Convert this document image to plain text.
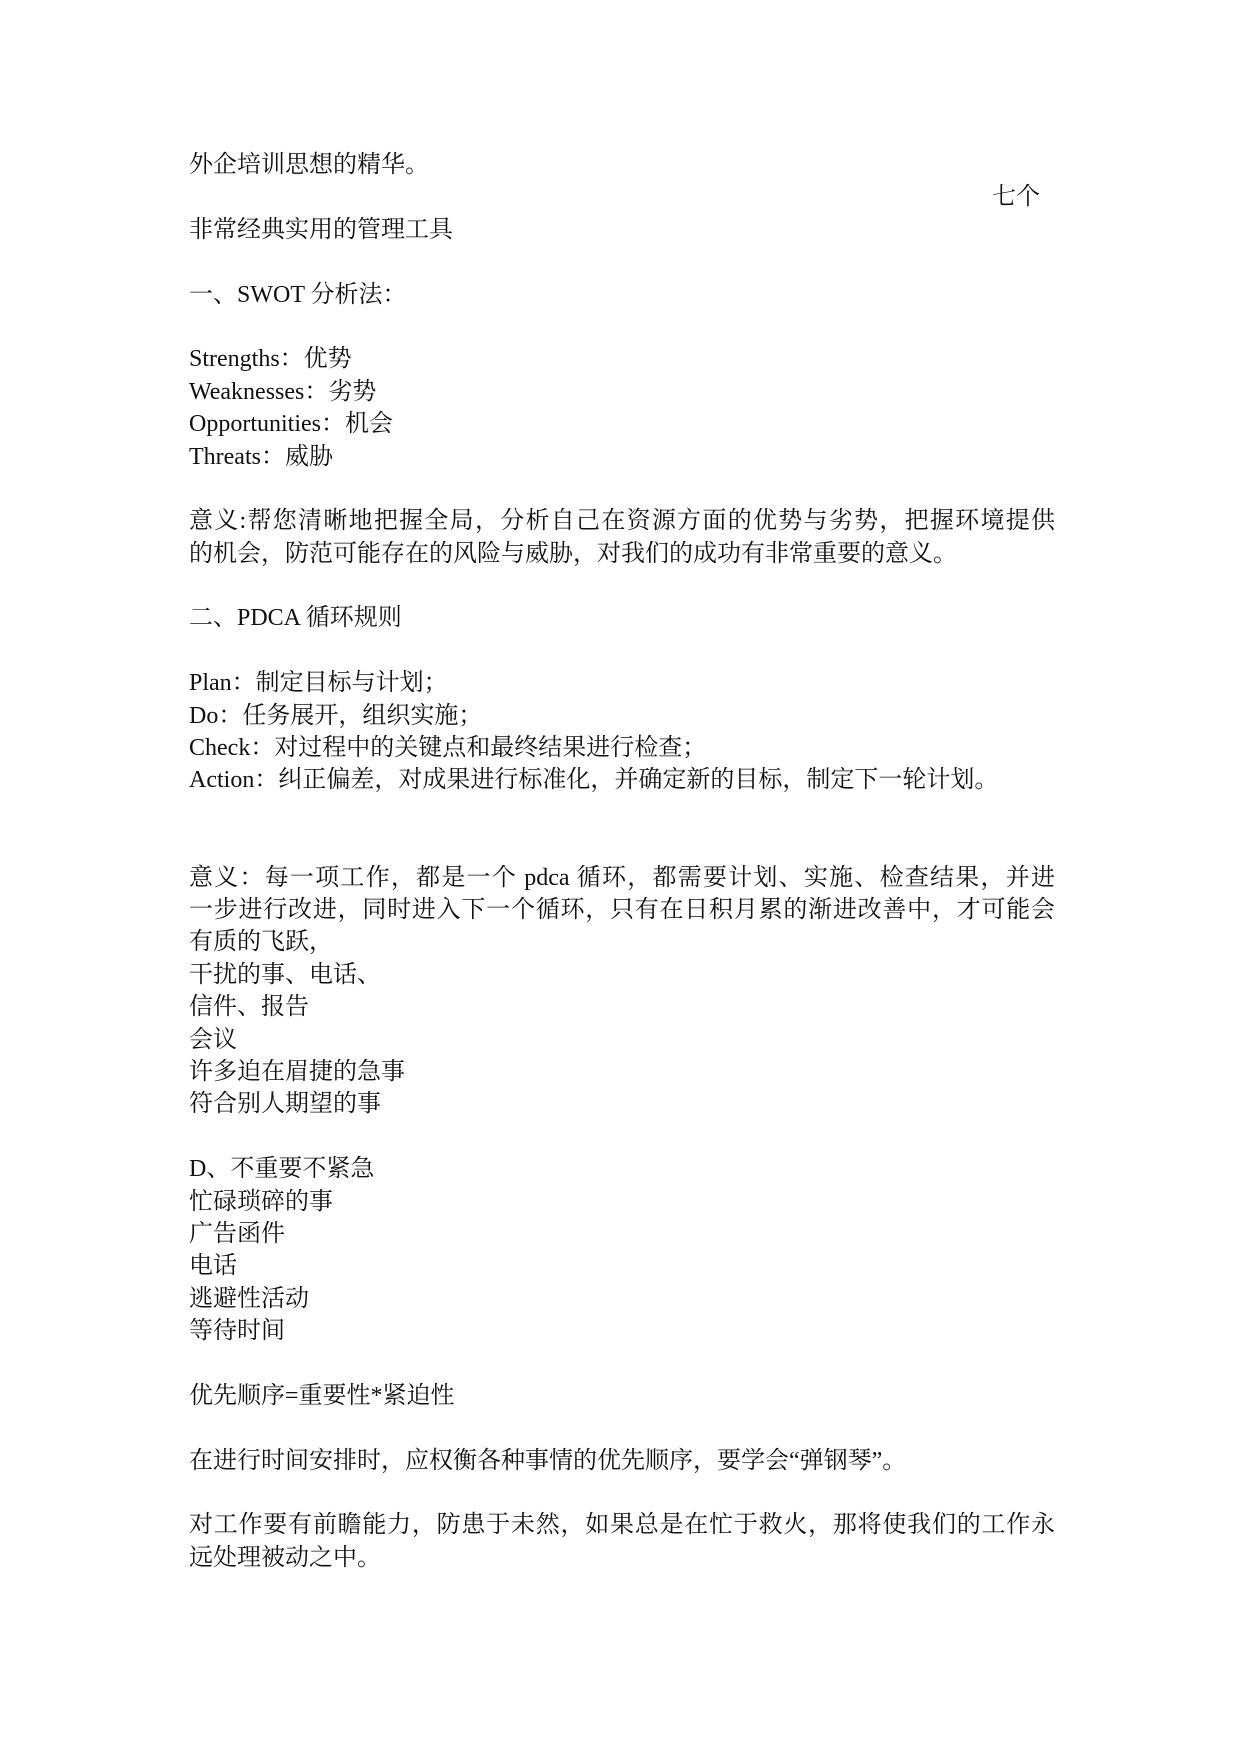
外企培训思想的精华。
七个
非常经典实用的管理工具
一、SWOT 分析法：
Strengths：优势
Weaknesses：劣势
Opportunities：机会
Threats：威胁
意义:帮您清晰地把握全局，分析自己在资源方面的优势与劣势，把握环境提供
的机会，防范可能存在的风险与威胁，对我们的成功有非常重要的意义。
二、PDCA 循环规则
Plan：制定目标与计划；
Do：任务展开，组织实施；
Check：对过程中的关键点和最终结果进行检查；
Action：纠正偏差，对成果进行标准化，并确定新的目标，制定下一轮计划。
意义：每一项工作，都是一个 pdca 循环，都需要计划、实施、检查结果，并进
一步进行改进，同时进入下一个循环，只有在日积月累的渐进改善中，才可能会
有质的飞跃，
干扰的事、电话、
信件、报告
会议
许多迫在眉捷的急事
符合别人期望的事
D、不重要不紧急
忙碌琐碎的事
广告函件
电话
逃避性活动
等待时间
优先顺序=重要性*紧迫性
在进行时间安排时，应权衡各种事情的优先顺序，要学会“弹钢琴”。
对工作要有前瞻能力，防患于未然，如果总是在忙于救火，那将使我们的工作永
远处理被动之中。
